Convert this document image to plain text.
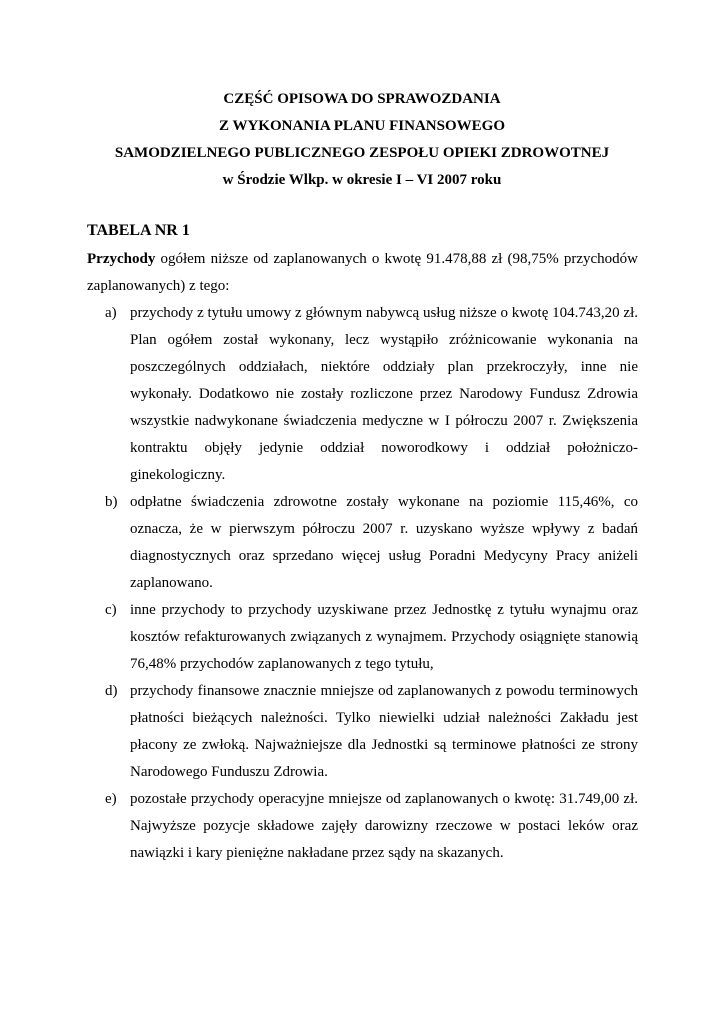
CZĘŚĆ OPISOWA DO SPRAWOZDANIA
Z WYKONANIA PLANU FINANSOWEGO
SAMODZIELNEGO PUBLICZNEGO ZESPOŁU OPIEKI ZDROWOTNEJ
w Środzie Wlkp. w okresie I – VI 2007 roku
TABELA NR 1

Przychody ogółem niższe od zaplanowanych o kwotę 91.478,88 zł (98,75% przychodów zaplanowanych) z tego:

a) przychody z tytułu umowy z głównym nabywcą usług niższe o kwotę 104.743,20 zł. Plan ogółem został wykonany, lecz wystąpiło zróżnicowanie wykonania na poszczególnych oddziałach, niektóre oddziały plan przekroczyły, inne nie wykonały. Dodatkowo nie zostały rozliczone przez Narodowy Fundusz Zdrowia wszystkie nadwykonane świadczenia medyczne w I półroczu 2007 r. Zwiększenia kontraktu objęły jedynie oddział noworodkowy i oddział położniczo-ginekologiczny.
b) odpłatne świadczenia zdrowotne zostały wykonane na poziomie 115,46%, co oznacza, że w pierwszym półroczu 2007 r. uzyskano wyższe wpływy z badań diagnostycznych oraz sprzedano więcej usług Poradni Medycyny Pracy aniżeli zaplanowano.
c) inne przychody to przychody uzyskiwane przez Jednostkę z tytułu wynajmu oraz kosztów refakturowanych związanych z wynajmem. Przychody osiągnięte stanowią 76,48% przychodów zaplanowanych z tego tytułu,
d) przychody finansowe znacznie mniejsze od zaplanowanych z powodu terminowych płatności bieżących należności. Tylko niewielki udział należności Zakładu jest płacony ze zwłoką. Najważniejsze dla Jednostki są terminowe płatności ze strony Narodowego Funduszu Zdrowia.
e) pozostałe przychody operacyjne mniejsze od zaplanowanych o kwotę: 31.749,00 zł. Najwyższe pozycje składowe zajęły darowizny rzeczowe w postaci leków oraz nawiązki i kary pieniężne nakładane przez sądy na skazanych.
